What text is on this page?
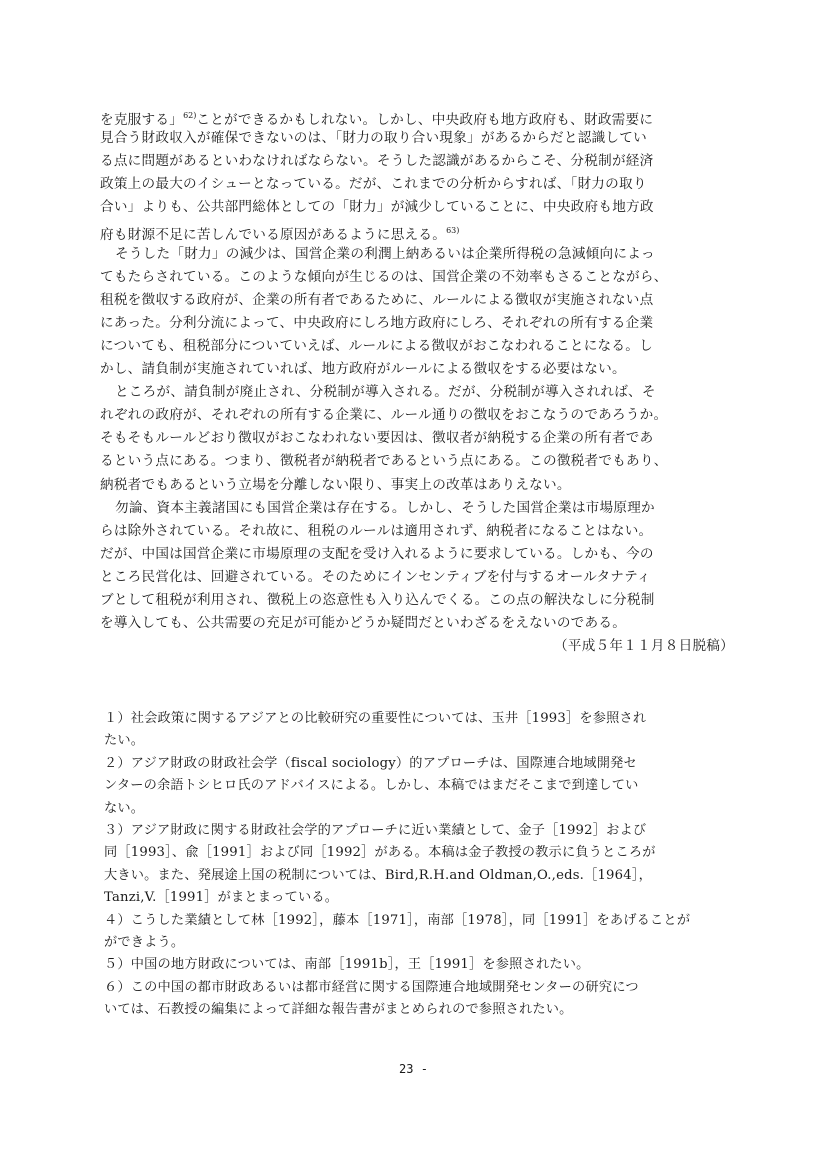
を克服する」$^{62)}$ことができるかもしれない。しかし、中央政府も地方政府も、財政需要に
見合う財政収入が確保できないのは、「財力の取り合い現象」があるからだと認識してい
る点に問題があるといわなければならない。そうした認識があるからこそ、分税制が経済
政策上の最大のイシューとなっている。だが、これまでの分析からすれば、「財力の取り
合い」よりも、公共部門総体としての「財力」が減少していることに、中央政府も地方政
府も財源不足に苦しんでいる原因があるように思える。$^{63)}$
そうした「財力」の減少は、国営企業の利潤上納あるいは企業所得税の急減傾向によっ
てもたらされている。このような傾向が生じるのは、国営企業の不効率もさることながら、
租税を徴収する政府が、企業の所有者であるために、ルールによる徴収が実施されない点
にあった。分利分流によって、中央政府にしろ地方政府にしろ、それぞれの所有する企業
についても、租税部分についていえば、ルールによる徴収がおこなわれることになる。し
かし、請負制が実施されていれば、地方政府がルールによる徴収をする必要はない。
ところが、請負制が廃止され、分税制が導入される。だが、分税制が導入されれば、そ
れぞれの政府が、それぞれの所有する企業に、ルール通りの徴収をおこなうのであろうか。
そもそもルールどおり徴収がおこなわれない要因は、徴収者が納税する企業の所有者であ
るという点にある。つまり、徴税者が納税者であるという点にある。この徴税者でもあり、
納税者でもあるという立場を分離しない限り、事実上の改革はありえない。
勿論、資本主義諸国にも国営企業は存在する。しかし、そうした国営企業は市場原理か
らは除外されている。それ故に、租税のルールは適用されず、納税者になることはない。
だが、中国は国営企業に市場原理の支配を受け入れるように要求している。しかも、今の
ところ民営化は、回避されている。そのためにインセンティブを付与するオールタナティ
ブとして租税が利用され、徴税上の恣意性も入り込んでくる。この点の解決なしに分税制
を導入しても、公共需要の充足が可能かどうか疑問だといわざるをえないのである。
（平成５年１１月８日脱稿）
１）社会政策に関するアジアとの比較研究の重要性については、玉井［1993］を参照され
たい。
２）アジア財政の財政社会学（fiscal sociology）的アプローチは、国際連合地域開発セ
ンターの余語トシヒロ氏のアドバイスによる。しかし、本稿ではまだそこまで到達してい
ない。
３）アジア財政に関する財政社会学的アプローチに近い業績として、金子［1992］および
同［1993］、兪［1991］および同［1992］がある。本稿は金子教授の教示に負うところが
大きい。また、発展途上国の税制については、Bird,R.H.and Oldman,O.,eds.［1964］，
Tanzi,V.［1991］がまとまっている。
４）こうした業績として林［1992］，藤本［1971］，南部［1978］，同［1991］をあげることが
ができよう。
５）中国の地方財政については、南部［1991b］，王［1991］を参照されたい。
６）この中国の都市財政あるいは都市経営に関する国際連合地域開発センターの研究につ
いては、石教授の編集によって詳細な報告書がまとめられので参照されたい。
23 -
